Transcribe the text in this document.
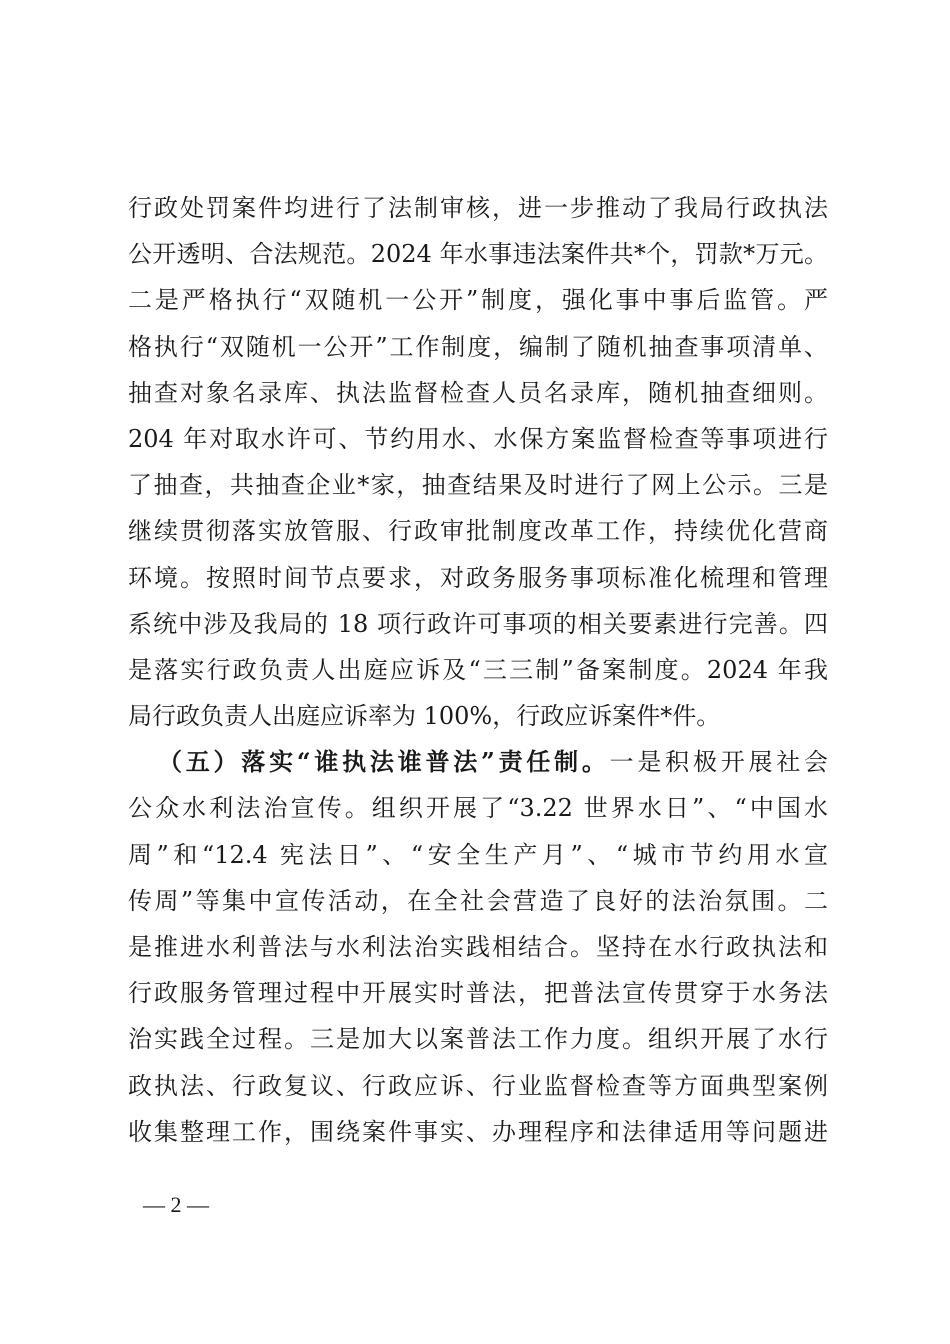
行政处罚案件均进行了法制审核，进一步推动了我局行政执法
公开透明、合法规范。2024 年水事违法案件共*个，罚款*万元。
二是严格执行“双随机一公开”制度，强化事中事后监管。严
格执行“双随机一公开”工作制度，编制了随机抽查事项清单、
抽查对象名录库、执法监督检查人员名录库，随机抽查细则。
204 年对取水许可、节约用水、水保方案监督检查等事项进行
了抽查，共抽查企业*家，抽查结果及时进行了网上公示。三是
继续贯彻落实放管服、行政审批制度改革工作，持续优化营商
环境。按照时间节点要求，对政务服务事项标准化梳理和管理
系统中涉及我局的 18 项行政许可事项的相关要素进行完善。四
是落实行政负责人出庭应诉及“三三制”备案制度。2024 年我
局行政负责人出庭应诉率为 100%，行政应诉案件*件。
（五）落实“谁执法谁普法”责任制。一是积极开展社会
公众水利法治宣传。组织开展了“3.22 世界水日”、“中国水
周”和“12.4 宪法日”、“安全生产月”、“城市节约用水宣
传周”等集中宣传活动，在全社会营造了良好的法治氛围。二
是推进水利普法与水利法治实践相结合。坚持在水行政执法和
行政服务管理过程中开展实时普法，把普法宣传贯穿于水务法
治实践全过程。三是加大以案普法工作力度。组织开展了水行
政执法、行政复议、行政应诉、行业监督检查等方面典型案例
收集整理工作，围绕案件事实、办理程序和法律适用等问题进
— 2 —
